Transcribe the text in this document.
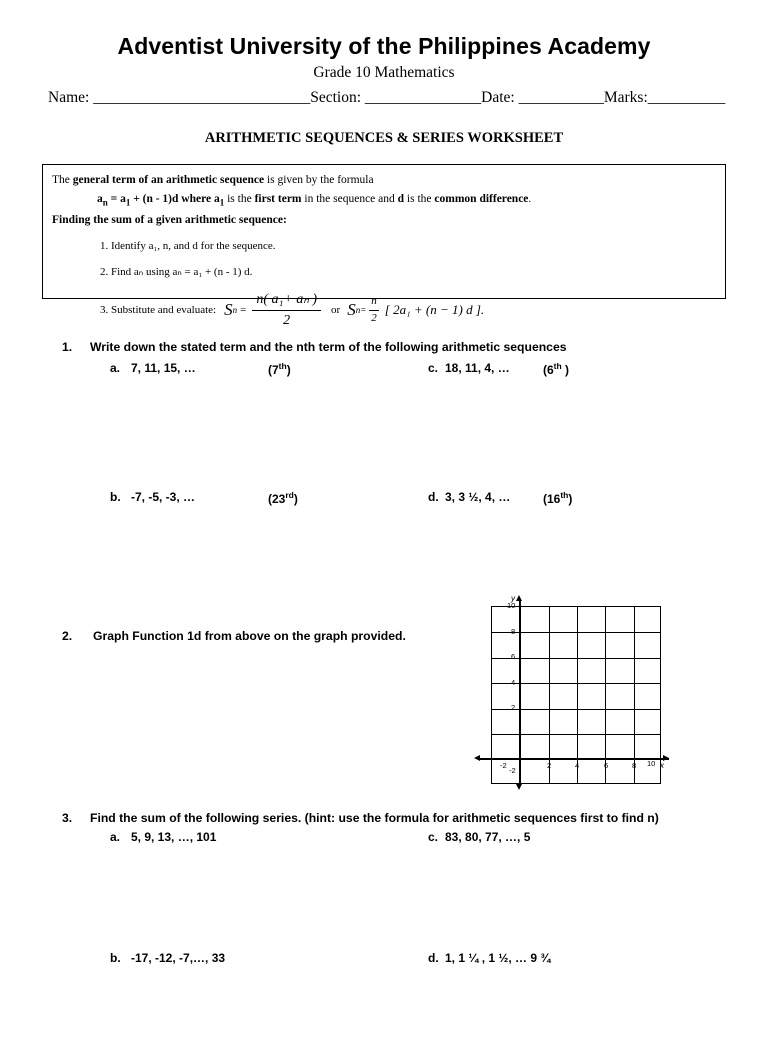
Adventist University of the Philippines Academy
Grade 10 Mathematics
Name: ____________________________ Section: _______________ Date: ___________ Marks:__________
ARITHMETIC SEQUENCES & SERIES WORKSHEET
The general term of an arithmetic sequence is given by the formula
$a_n = a_1 + (n - 1)d$ where $a_1$ is the first term in the sequence and d is the common difference.
Finding the sum of a given arithmetic sequence:
1. Identify a₁, n, and d for the sequence.
2. Find aₙ using aₙ = a₁ + (n - 1) d.
3. Substitute and evaluate: S $n = \frac{\text{n( a₁+ aₙ )}}{2}$ or S $n= \frac{n}{2}$ [ 2a₁ + (n − 1) d ].
1. Write down the stated term and the nth term of the following arithmetic sequences
a. 7, 11, 15, …	(7th)	c. 18, 11, 4, …	(6th )
b. -7, -5, -3, …	(23rd)	d. 3, 3 ½, 4, …	(16th)
2. Graph Function 1d from above on the graph provided.
y
x
10
8
6
4
2
-2
-2	2	4	6	8 10
3. Find the sum of the following series. (hint: use the formula for arithmetic sequences first to find n)
a. 5, 9, 13, …, 101	c. 83, 80, 77, …, 5
b. -17, -12, -7,…, 33	d. 1, 1 ¼ , 1 ½, … 9 ¾
